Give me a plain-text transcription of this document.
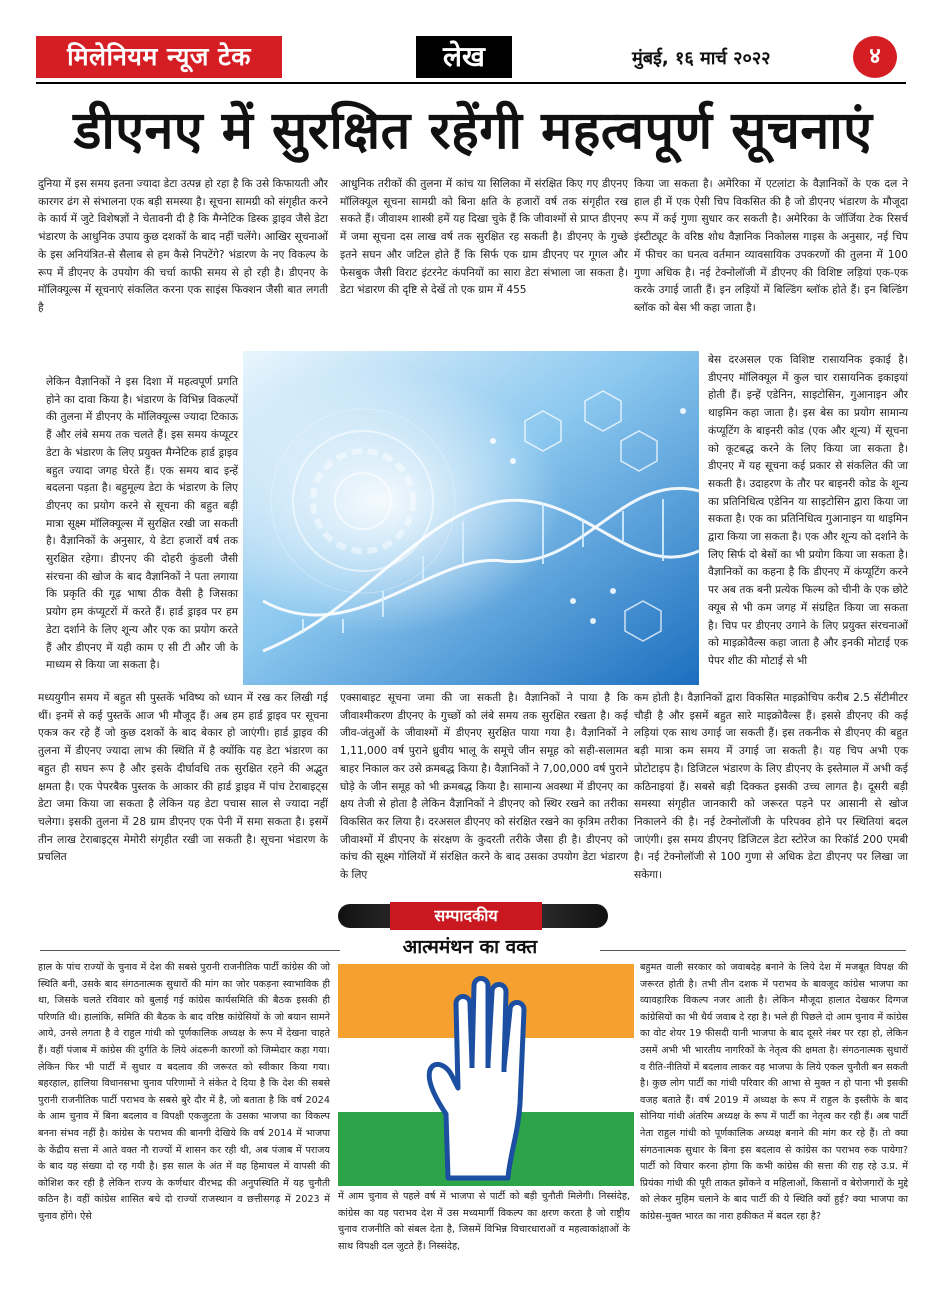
मिलेनियम न्यूज टेक	लेख	मुंबई, १६ मार्च २०२२	४
डीएनए में सुरक्षित रहेंगी महत्वपूर्ण सूचनाएं

दुनिया में इस समय इतना ज्यादा डेटा उत्पन्न हो रहा है कि उसे किफायती और कारगर ढंग से संभालना एक बड़ी समस्या है। सूचना सामग्री को संगृहीत करने के कार्य में जुटे विशेषज्ञों ने चेतावनी दी है कि मैग्नेटिक डिस्क ड्राइव जैसे डेटा भंडारण के आधुनिक उपाय कुछ दशकों के बाद नहीं चलेंगे। आखिर सूचनाओं के इस अनियंत्रित-से सैलाब से हम कैसे निपटेंगे? भंडारण के नए विकल्प के रूप में डीएनए के उपयोग की चर्चा काफी समय से हो रही है। डीएनए के मॉलिक्यूल्स में सूचनाएं संकलित करना एक साइंस फिक्शन जैसी बात लगती है

लेकिन वैज्ञानिकों ने इस दिशा में महत्वपूर्ण प्रगति होने का दावा किया है। भंडारण के विभिन्न विकल्पों की तुलना में डीएनए के मॉलिक्यूल्स ज्यादा टिकाऊ हैं और लंबे समय तक चलते हैं। इस समय कंप्यूटर डेटा के भंडारण के लिए प्रयुक्त मैग्नेटिक हार्ड ड्राइव बहुत ज्यादा जगह घेरते हैं। एक समय बाद इन्हें बदलना पड़ता है। बहुमूल्य डेटा के भंडारण के लिए डीएनए का प्रयोग करने से सूचना की बहुत बड़ी मात्रा सूक्ष्म मॉलिक्यूल्स में सुरक्षित रखी जा सकती है। वैज्ञानिकों के अनुसार, ये डेटा हजारों वर्ष तक सुरक्षित रहेगा। डीएनए की दोहरी कुंडली जैसी संरचना की खोज के बाद वैज्ञानिकों ने पता लगाया कि प्रकृति की गूढ़ भाषा ठीक वैसी है जिसका प्रयोग हम कंप्यूटरों में करते हैं। हार्ड ड्राइव पर हम डेटा दर्शाने के लिए शून्य और एक का प्रयोग करते हैं और डीएनए में यही काम ए सी टी और जी के माध्यम से किया जा सकता है।

मध्ययुगीन समय में बहुत सी पुस्तकें भविष्य को ध्यान में रख कर लिखी गई थीं। इनमें से कई पुस्तकें आज भी मौजूद हैं। अब हम हार्ड ड्राइव पर सूचना एकत्र कर रहे हैं जो कुछ दशकों के बाद बेकार हो जाएंगी। हार्ड ड्राइव की तुलना में डीएनए ज्यादा लाभ की स्थिति में है क्योंकि यह डेटा भंडारण का बहुत ही सघन रूप है और इसके दीर्घावधि तक सुरक्षित रहने की अद्भुत क्षमता है। एक पेपरबैक पुस्तक के आकार की हार्ड ड्राइव में पांच टेराबाइट्स डेटा जमा किया जा सकता है लेकिन यह डेटा पचास साल से ज्यादा नहीं चलेगा। इसकी तुलना में 28 ग्राम डीएनए एक पेनी में समा सकता है। इसमें तीन लाख टेराबाइट्स मेमोरी संगृहीत रखी जा सकती है। सूचना भंडारण के प्रचलित

आधुनिक तरीकों की तुलना में कांच या सिलिका में संरक्षित किए गए डीएनए मॉलिक्यूल सूचना सामग्री को बिना क्षति के हजारों वर्ष तक संगृहीत रख सकते हैं। जीवाश्म शास्त्री हमें यह दिखा चुके हैं कि जीवाश्मों से प्राप्त डीएनए में जमा सूचना दस लाख वर्ष तक सुरक्षित रह सकती है। डीएनए के गुच्छे इतने सघन और जटिल होते हैं कि सिर्फ एक ग्राम डीएनए पर गूगल और फेसबुक जैसी विराट इंटरनेट कंपनियों का सारा डेटा संभाला जा सकता है। डेटा भंडारण की दृष्टि से देखें तो एक ग्राम में 455

एक्साबाइट सूचना जमा की जा सकती है। वैज्ञानिकों ने पाया है कि जीवाश्मीकरण डीएनए के गुच्छों को लंबे समय तक सुरक्षित रखता है। कई जीव-जंतुओं के जीवाश्मों में डीएनए सुरक्षित पाया गया है। वैज्ञानिकों ने 1,11,000 वर्ष पुराने ध्रुवीय भालू के समूचे जीन समूह को सही-सलामत बाहर निकाल कर उसे क्रमबद्ध किया है। वैज्ञानिकों ने 7,00,000 वर्ष पुराने घोड़े के जीन समूह को भी क्रमबद्ध किया है। सामान्य अवस्था में डीएनए का क्षय तेजी से होता है लेकिन वैज्ञानिकों ने डीएनए को स्थिर रखने का तरीका विकसित कर लिया है। दरअसल डीएनए को संरक्षित रखने का कृत्रिम तरीका जीवाश्मों में डीएनए के संरक्षण के कुदरती तरीके जैसा ही है। डीएनए को कांच की सूक्ष्म गोलियों में संरक्षित करने के बाद उसका उपयोग डेटा भंडारण के लिए

किया जा सकता है। अमेरिका में एटलांटा के वैज्ञानिकों के एक दल ने हाल ही में एक ऐसी चिप विकसित की है जो डीएनए भंडारण के मौजूदा रूप में कई गुणा सुधार कर सकती है। अमेरिका के जॉर्जिया टेक रिसर्च इंस्टीट्यूट के वरिष्ठ शोध वैज्ञानिक निकोलस गाइस के अनुसार, नई चिप में फीचर का घनत्व वर्तमान व्यावसायिक उपकरणों की तुलना में 100 गुणा अधिक है। नई टेक्नोलॉजी में डीएनए की विशिष्ट लड़ियां एक-एक करके उगाई जाती हैं। इन लड़ियों में बिल्डिंग ब्लॉक होते हैं। इन बिल्डिंग ब्लॉक को बेस भी कहा जाता है।

बेस दरअसल एक विशिष्ट रासायनिक इकाई है। डीएनए मॉलिक्यूल में कुल चार रासायनिक इकाइयां होती हैं। इन्हें एडेनिन, साइटोसिन, गुआनाइन और थाइमिन कहा जाता है। इस बेस का प्रयोग सामान्य कंप्यूटिंग के बाइनरी कोड (एक और शून्य) में सूचना को कूटबद्ध करने के लिए किया जा सकता है। डीएनए में यह सूचना कई प्रकार से संकलित की जा सकती है। उदाहरण के तौर पर बाइनरी कोड के शून्य का प्रतिनिधित्व एडेनिन या साइटोसिन द्वारा किया जा सकता है। एक का प्रतिनिधित्व गुआनाइन या थाइमिन द्वारा किया जा सकता है। एक और शून्य को दर्शाने के लिए सिर्फ दो बेसों का भी प्रयोग किया जा सकता है। वैज्ञानिकों का कहना है कि डीएनए में कंप्यूटिंग करने पर अब तक बनी प्रत्येक फिल्म को चीनी के एक छोटे क्यूब से भी कम जगह में संग्रहित किया जा सकता है। चिप पर डीएनए उगाने के लिए प्रयुक्त संरचनाओं को माइक्रोवैल्स कहा जाता है और इनकी मोटाई एक पेपर शीट की मोटाई से भी

कम होती है। वैज्ञानिकों द्वारा विकसित माइक्रोचिप करीब 2.5 सेंटीमीटर चौड़ी है और इसमें बहुत सारे माइक्रोवैल्स हैं। इससे डीएनए की कई लड़ियां एक साथ उगाई जा सकती हैं। इस तकनीक से डीएनए की बहुत बड़ी मात्रा कम समय में उगाई जा सकती है। यह चिप अभी एक प्रोटोटाइप है। डिजिटल भंडारण के लिए डीएनए के इस्तेमाल में अभी कई कठिनाइयां हैं। सबसे बड़ी दिक्कत इसकी उच्च लागत है। दूसरी बड़ी समस्या संगृहीत जानकारी को जरूरत पड़ने पर आसानी से खोज निकालने की है। नई टेक्नोलॉजी के परिपक्व होने पर स्थितियां बदल जाएंगी। इस समय डीएनए डिजिटल डेटा स्टोरेज का रिकॉर्ड 200 एमबी है। नई टेक्नोलॉजी से 100 गुणा से अधिक डेटा डीएनए पर लिखा जा सकेगा।

सम्पादकीय
आत्ममंथन का वक्त

हाल के पांच राज्यों के चुनाव में देश की सबसे पुरानी राजनीतिक पार्टी कांग्रेस की जो स्थिति बनी, उसके बाद संगठनात्मक सुधारों की मांग का जोर पकड़ना स्वाभाविक ही था, जिसके चलते रविवार को बुलाई गई कांग्रेस कार्यसमिति की बैठक इसकी ही परिणति थी। हालांकि, समिति की बैठक के बाद वरिष्ठ कांग्रेसियों के जो बयान सामने आये, उनसे लगता है वे राहुल गांधी को पूर्णकालिक अध्यक्ष के रूप में देखना चाहते हैं। वहीं पंजाब में कांग्रेस की दुर्गति के लिये अंदरूनी कारणों को जिम्मेदार कहा गया। लेकिन फिर भी पार्टी में सुधार व बदलाव की जरूरत को स्वीकार किया गया। बहरहाल, हालिया विधानसभा चुनाव परिणामों ने संकेत दे दिया है कि देश की सबसे पुरानी राजनीतिक पार्टी पराभव के सबसे बुरे दौर में है, जो बताता है कि वर्ष 2024 के आम चुनाव में बिना बदलाव व विपक्षी एकजुटता के उसका भाजपा का विकल्प बनना संभव नहीं है। कांग्रेस के पराभव की बानगी देखिये कि वर्ष 2014 में भाजपा के केंद्रीय सत्ता में आते वक्त नौ राज्यों में शासन कर रही थी, अब पंजाब में पराजय के बाद यह संख्या दो रह गयी है। इस साल के अंत में वह हिमाचल में वापसी की कोशिश कर रही है लेकिन राज्य के कर्णधार वीरभद्र की अनुपस्थिति में यह चुनौती कठिन है। वहीं कांग्रेस शासित बचे दो राज्यों राजस्थान व छत्तीसगढ़ में 2023 में चुनाव होंगे। ऐसे

में आम चुनाव से पहले वर्ष में भाजपा से पार्टी को बड़ी चुनौती मिलेगी। निस्संदेह, कांग्रेस का यह पराभव देश में उस मध्यमार्गी विकल्प का क्षरण करता है जो राष्ट्रीय चुनाव राजनीति को संबल देता है, जिसमें विभिन्न विचारधाराओं व महत्वाकांक्षाओं के साथ विपक्षी दल जुटते हैं। निस्संदेह,

बहुमत वाली सरकार को जवाबदेह बनाने के लिये देश में मजबूत विपक्ष की जरूरत होती है। तभी तीन दशक में पराभव के बावजूद कांग्रेस भाजपा का व्यावहारिक विकल्प नजर आती है। लेकिन मौजूदा हालात देखकर दिग्गज कांग्रेसियों का भी धैर्य जवाब दे रहा है। भले ही पिछले दो आम चुनाव में कांग्रेस का वोट शेयर 19 फीसदी यानी भाजपा के बाद दूसरे नंबर पर रहा हो, लेकिन उसमें अभी भी भारतीय नागरिकों के नेतृत्व की क्षमता है। संगठनात्मक सुधारों व रीति-नीतियों में बदलाव लाकर वह भाजपा के लिये एकल चुनौती बन सकती है। कुछ लोग पार्टी का गांधी परिवार की आभा से मुक्त न हो पाना भी इसकी वजह बताते हैं। वर्ष 2019 में अध्यक्ष के रूप में राहुल के इस्तीफे के बाद सोनिया गांधी अंतरिम अध्यक्ष के रूप में पार्टी का नेतृत्व कर रही हैं। अब पार्टी नेता राहुल गांधी को पूर्णकालिक अध्यक्ष बनाने की मांग कर रहे हैं। तो क्या संगठनात्मक सुधार के बिना इस बदलाव से कांग्रेस का पराभव रुक पायेगा? पार्टी को विचार करना होगा कि कभी कांग्रेस की सत्ता की राह रहे उ.प्र. में प्रियंका गांधी की पूरी ताकत झोंकने व महिलाओं, किसानों व बेरोजगारों के मुद्दे को लेकर मुहिम चलाने के बाद पार्टी की ये स्थिति क्यों हुई? क्या भाजपा का कांग्रेस-मुक्त भारत का नारा हकीकत में बदल रहा है?
